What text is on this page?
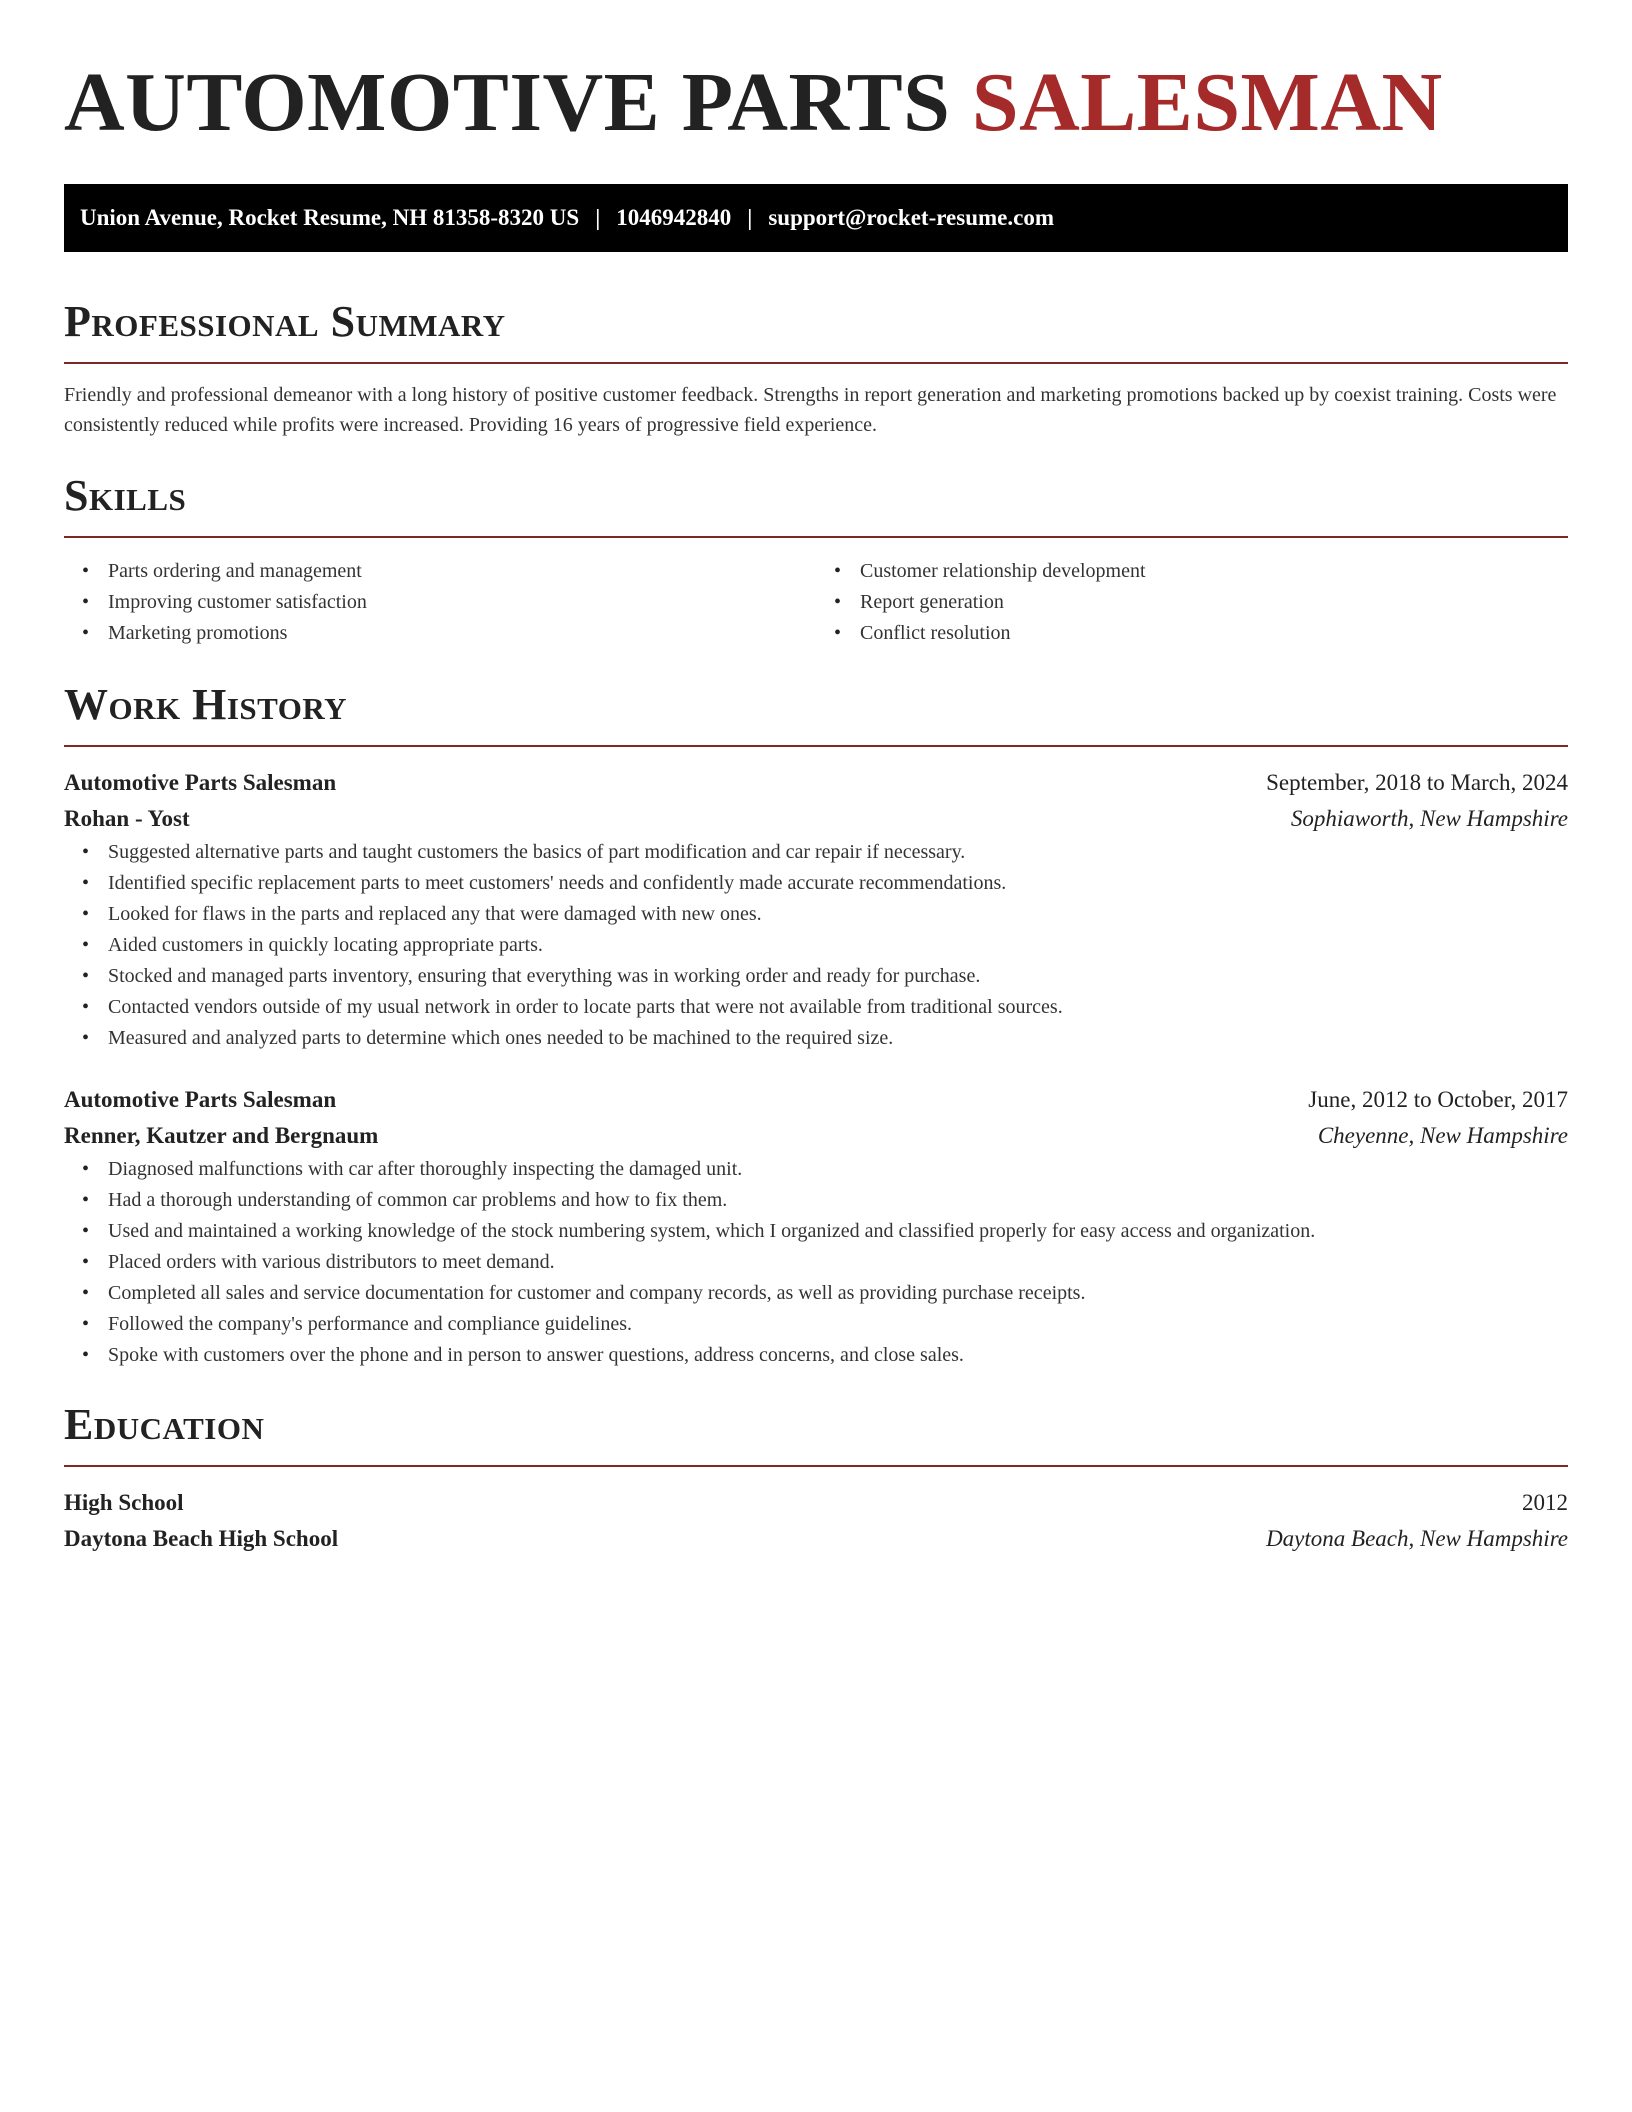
AUTOMOTIVE PARTS SALESMAN
Union Avenue, Rocket Resume, NH 81358-8320 US | 1046942840 | support@rocket-resume.com
Professional Summary

Friendly and professional demeanor with a long history of positive customer feedback. Strengths in report generation and marketing promotions backed up by coexist training. Costs were consistently reduced while profits were increased. Providing 16 years of progressive field experience.

Skills
• Parts ordering and management
• Improving customer satisfaction
• Marketing promotions
• Customer relationship development
• Report generation
• Conflict resolution
Work History
Automotive Parts Salesman	September, 2018 to March, 2024
Rohan - Yost	Sophiaworth, New Hampshire
• Suggested alternative parts and taught customers the basics of part modification and car repair if necessary.
• Identified specific replacement parts to meet customers' needs and confidently made accurate recommendations.
• Looked for flaws in the parts and replaced any that were damaged with new ones.
• Aided customers in quickly locating appropriate parts.
• Stocked and managed parts inventory, ensuring that everything was in working order and ready for purchase.
• Contacted vendors outside of my usual network in order to locate parts that were not available from traditional sources.
• Measured and analyzed parts to determine which ones needed to be machined to the required size.
Automotive Parts Salesman	June, 2012 to October, 2017
Renner, Kautzer and Bergnaum	Cheyenne, New Hampshire
• Diagnosed malfunctions with car after thoroughly inspecting the damaged unit.
• Had a thorough understanding of common car problems and how to fix them.
• Used and maintained a working knowledge of the stock numbering system, which I organized and classified properly for easy access and organization.
• Placed orders with various distributors to meet demand.
• Completed all sales and service documentation for customer and company records, as well as providing purchase receipts.
• Followed the company's performance and compliance guidelines.
• Spoke with customers over the phone and in person to answer questions, address concerns, and close sales.
Education
High School	2012
Daytona Beach High School	Daytona Beach, New Hampshire
